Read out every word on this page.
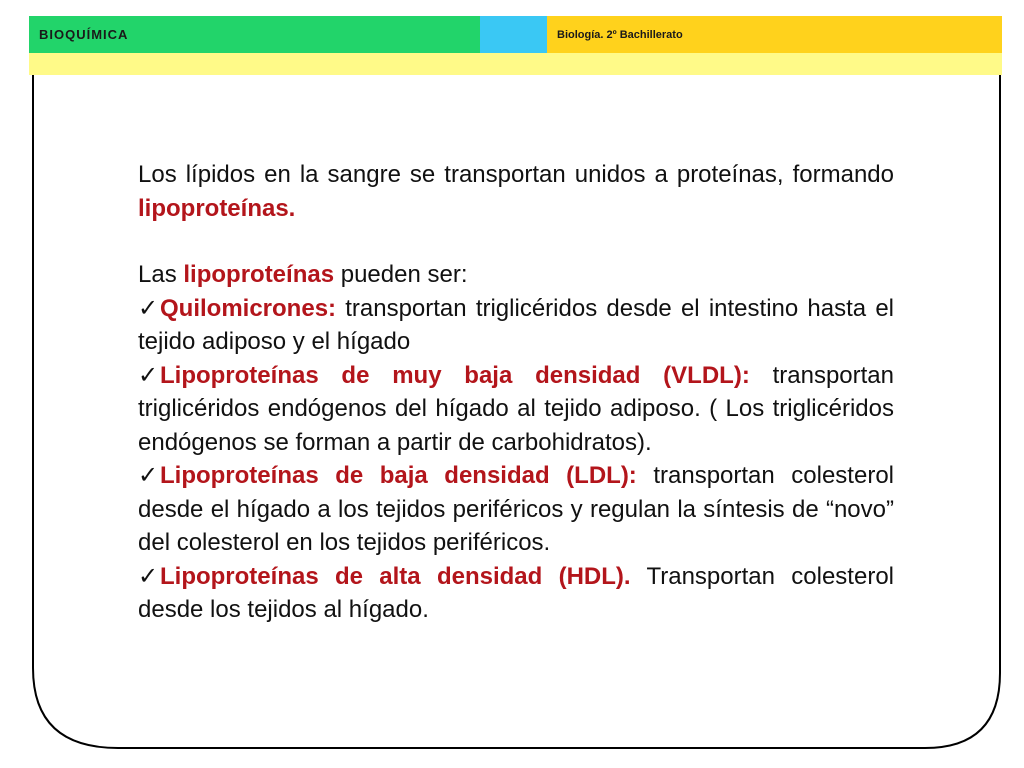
BIOQUÍMICA	Biología. 2º Bachillerato

Los lípidos en la sangre se transportan unidos a proteínas, formando lipoproteínas.

Las lipoproteínas pueden ser:

✓Quilomicrones: transportan triglicéridos desde el intestino hasta el tejido adiposo y el hígado

✓Lipoproteínas de muy baja densidad (VLDL): transportan triglicéridos endógenos del hígado al tejido adiposo. ( Los triglicéridos endógenos se forman a partir de carbohidratos).

✓Lipoproteínas de baja densidad (LDL): transportan colesterol desde el hígado a los tejidos periféricos y regulan la síntesis de “novo” del colesterol en los tejidos periféricos.

✓Lipoproteínas de alta densidad (HDL). Transportan colesterol desde los tejidos al hígado.
